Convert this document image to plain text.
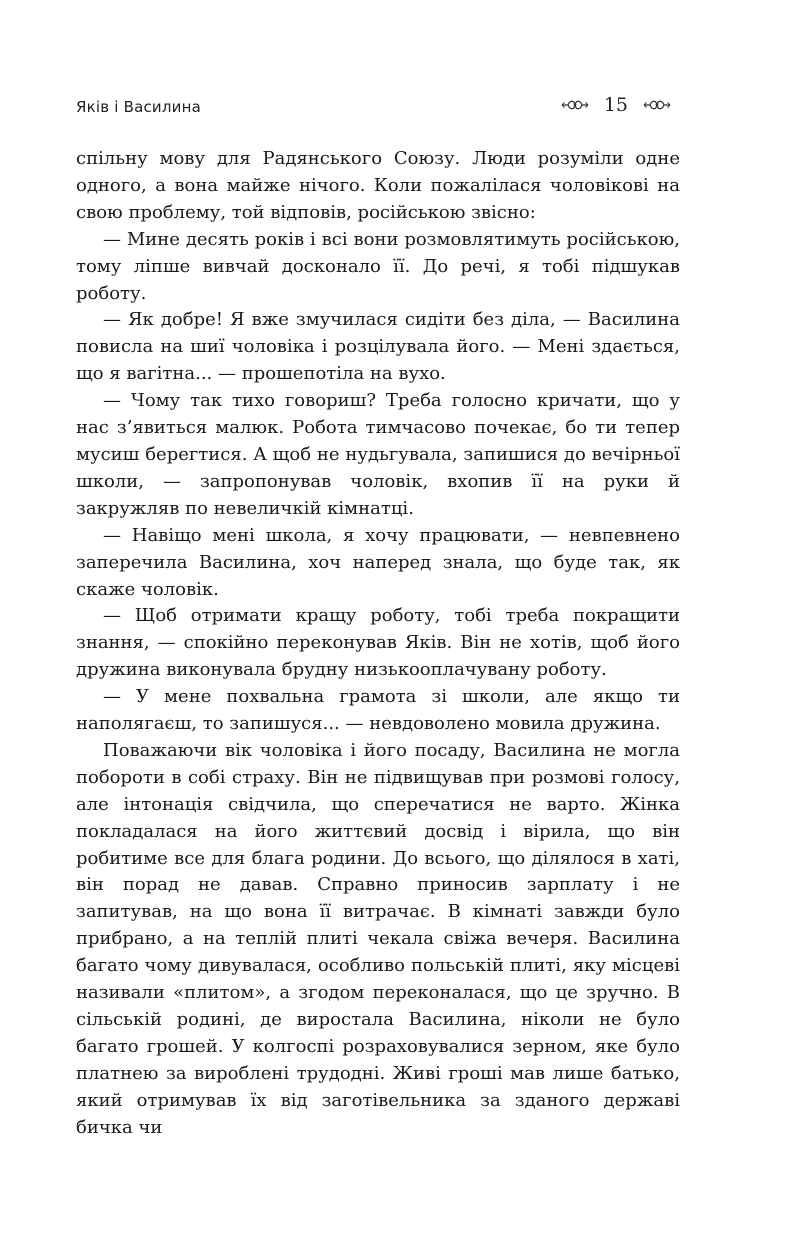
Яків і Василина	15

спільну мову для Радянського Союзу. Люди розуміли одне одного, а вона майже нічого. Коли пожалілася чоловікові на свою проблему, той відповів, російською звісно:

— Мине десять років і всі вони розмовлятимуть російською, тому ліпше вивчай досконало її. До речі, я тобі підшукав роботу.

— Як добре! Я вже змучилася сидіти без діла, — Василина повисла на шиї чоловіка і розцілувала його. — Мені здається, що я вагітна... — прошепотіла на вухо.

— Чому так тихо говориш? Треба голосно кричати, що у нас з’явиться малюк. Робота тимчасово почекає, бо ти тепер мусиш берегтися. А щоб не нудьгувала, запишися до вечірньої школи, — запропонував чоловік, вхопив її на руки й закружляв по невеличкій кімнатці.

— Навіщо мені школа, я хочу працювати, — невпевнено заперечила Василина, хоч наперед знала, що буде так, як скаже чоловік.

— Щоб отримати кращу роботу, тобі треба покращити знання, — спокійно переконував Яків. Він не хотів, щоб його дружина виконувала брудну низькооплачувану роботу.

— У мене похвальна грамота зі школи, але якщо ти наполягаєш, то запишуся... — невдоволено мовила дружина.

Поважаючи вік чоловіка і його посаду, Василина не могла побороти в собі страху. Він не підвищував при розмові голосу, але інтонація свідчила, що сперечатися не варто. Жінка покладалася на його життєвий досвід і вірила, що він робитиме все для блага родини. До всього, що ділялося в хаті, він порад не давав. Справно приносив зарплату і не запитував, на що вона її витрачає. В кімнаті завжди було прибрано, а на теплій плиті чекала свіжа вечеря. Василина багато чому дивувалася, особливо польській плиті, яку місцеві називали «плитом», а згодом переконалася, що це зручно. В сільській родині, де виростала Василина, ніколи не було багато грошей. У колгоспі розраховувалися зерном, яке було платнею за вироблені трудодні. Живі гроші мав лише батько, який отримував їх від заготівельника за зданого державі бичка чи
